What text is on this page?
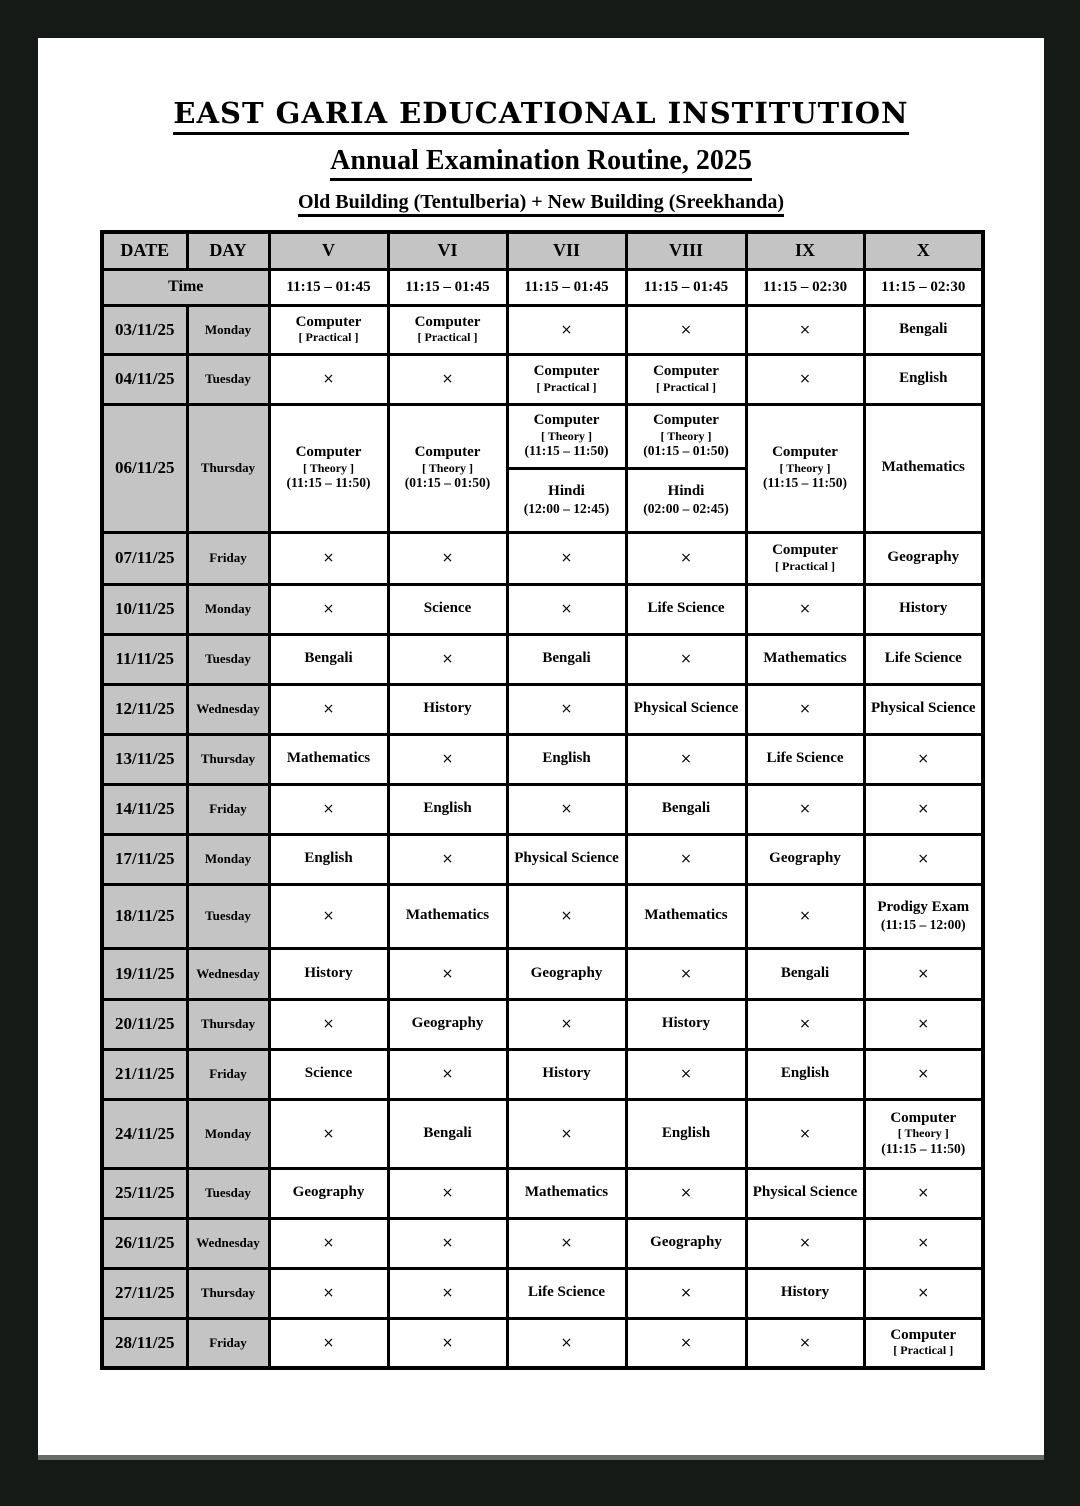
EAST GARIA EDUCATIONAL INSTITUTION
Annual Examination Routine, 2025
Old Building (Tentulberia) + New Building (Sreekhanda)
DATE	DAY	V	VI	VII	VIII	IX	X
Time		11:15 – 01:45	11:15 – 01:45	11:15 – 01:45	11:15 – 01:45	11:15 – 02:30	11:15 – 02:30
03/11/25	Monday	Computer
[ Practical ]	Computer
[ Practical ]	×	×	×	Bengali

04/11/25	Tuesday	×	×	Computer
[ Practical ]	Computer
[ Practical ]	×	English

06/11/25	Thursday	Computer
[ Theory ]
(11:15 – 11:50)	Computer
[ Theory ]
(01:15 – 01:50)	Computer
[ Theory ]
(11:15 – 11:50)	Computer
[ Theory ]
(01:15 – 01:50)	Computer
[ Theory ]
(11:15 – 11:50)	Mathematics

				Hindi
(12:00 – 12:45)	Hindi
(02:00 – 02:45)		

07/11/25	Friday	×	×	×	×	Computer
[ Practical ]	Geography

10/11/25	Monday	×	Science	×	Life Science	×	History

11/11/25	Tuesday	Bengali	×	Bengali	×	Mathematics	Life Science

12/11/25	Wednesday	×	History	×	Physical Science	×	Physical Science

13/11/25	Thursday	Mathematics	×	English	×	Life Science	×
14/11/25	Friday	×	English	×	Bengali	×	×
17/11/25	Monday	English	×	Physical Science	×	Geography	×
18/11/25	Tuesday	×	Mathematics	×	Mathematics	×	Prodigy Exam
(11:15 – 12:00)

19/11/25	Wednesday	History	×	Geography	×	Bengali	×
20/11/25	Thursday	×	Geography	×	History	×	×
21/11/25	Friday	Science	×	History	×	English	×
24/11/25	Monday	×	Bengali	×	English	×	Computer
[ Theory ]
(11:15 – 11:50)

25/11/25	Tuesday	Geography	×	Mathematics	×	Physical Science	×
26/11/25	Wednesday	×	×	×	Geography	×	×
27/11/25	Thursday	×	×	Life Science	×	History	×
28/11/25	Friday	×	×	×	×	×	Computer
[ Practical ]
